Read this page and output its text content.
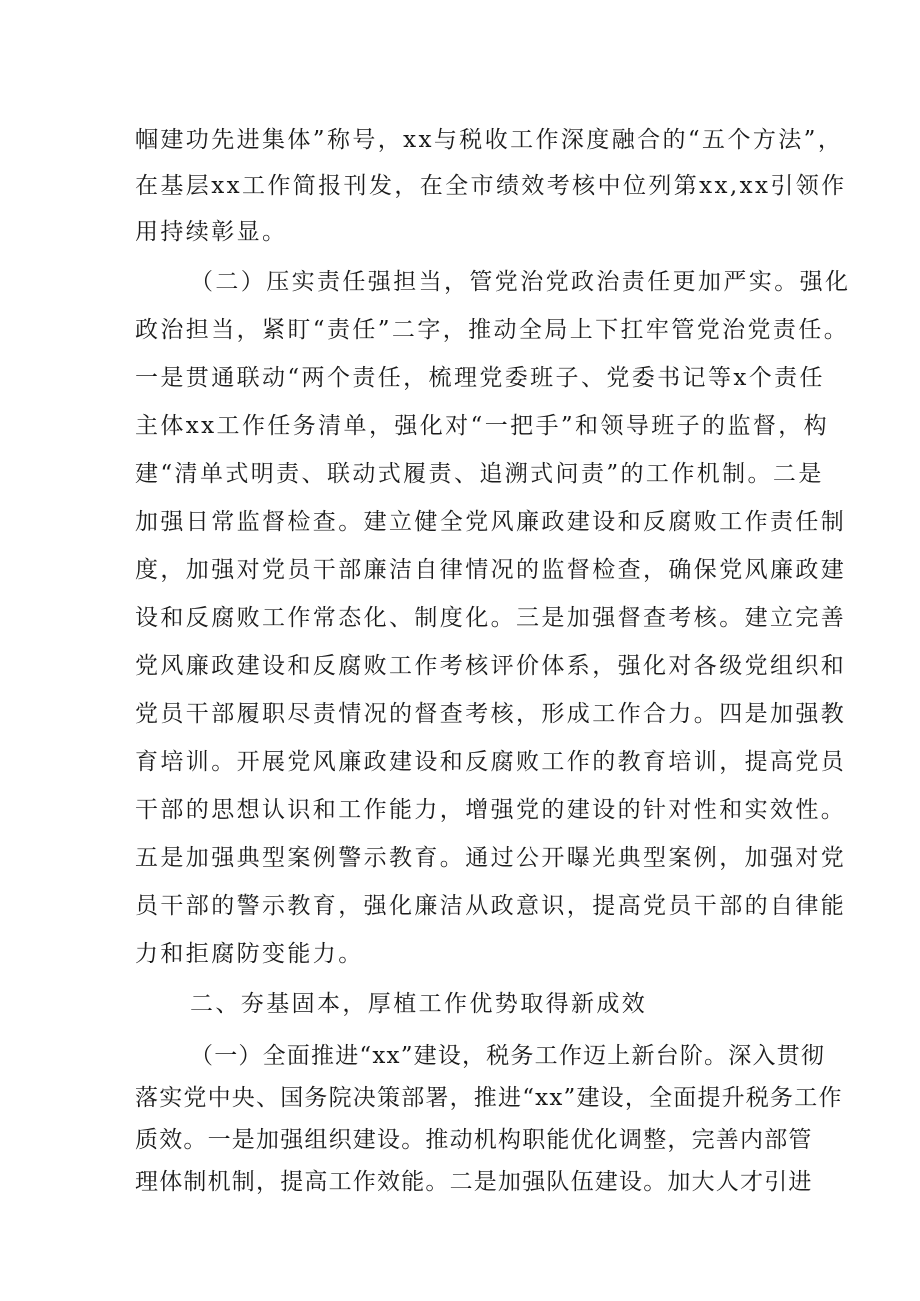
帼建功先进集体”称号，xx与税收工作深度融合的“五个方法”，
在基层xx工作简报刊发，在全市绩效考核中位列第xx,xx引领作
用持续彰显。
（二）压实责任强担当，管党治党政治责任更加严实。强化
政治担当，紧盯“责任”二字，推动全局上下扛牢管党治党责任。
一是贯通联动“两个责任，梳理党委班子、党委书记等x个责任
主体xx工作任务清单，强化对“一把手”和领导班子的监督，构
建“清单式明责、联动式履责、追溯式问责”的工作机制。二是
加强日常监督检查。建立健全党风廉政建设和反腐败工作责任制
度，加强对党员干部廉洁自律情况的监督检查，确保党风廉政建
设和反腐败工作常态化、制度化。三是加强督查考核。建立完善
党风廉政建设和反腐败工作考核评价体系，强化对各级党组织和
党员干部履职尽责情况的督查考核，形成工作合力。四是加强教
育培训。开展党风廉政建设和反腐败工作的教育培训，提高党员
干部的思想认识和工作能力，增强党的建设的针对性和实效性。
五是加强典型案例警示教育。通过公开曝光典型案例，加强对党
员干部的警示教育，强化廉洁从政意识，提高党员干部的自律能
力和拒腐防变能力。
二、夯基固本，厚植工作优势取得新成效
（一）全面推进“xx”建设，税务工作迈上新台阶。深入贯彻
落实党中央、国务院决策部署，推进“xx”建设，全面提升税务工作
质效。一是加强组织建设。推动机构职能优化调整，完善内部管
理体制机制，提高工作效能。二是加强队伍建设。加大人才引进
